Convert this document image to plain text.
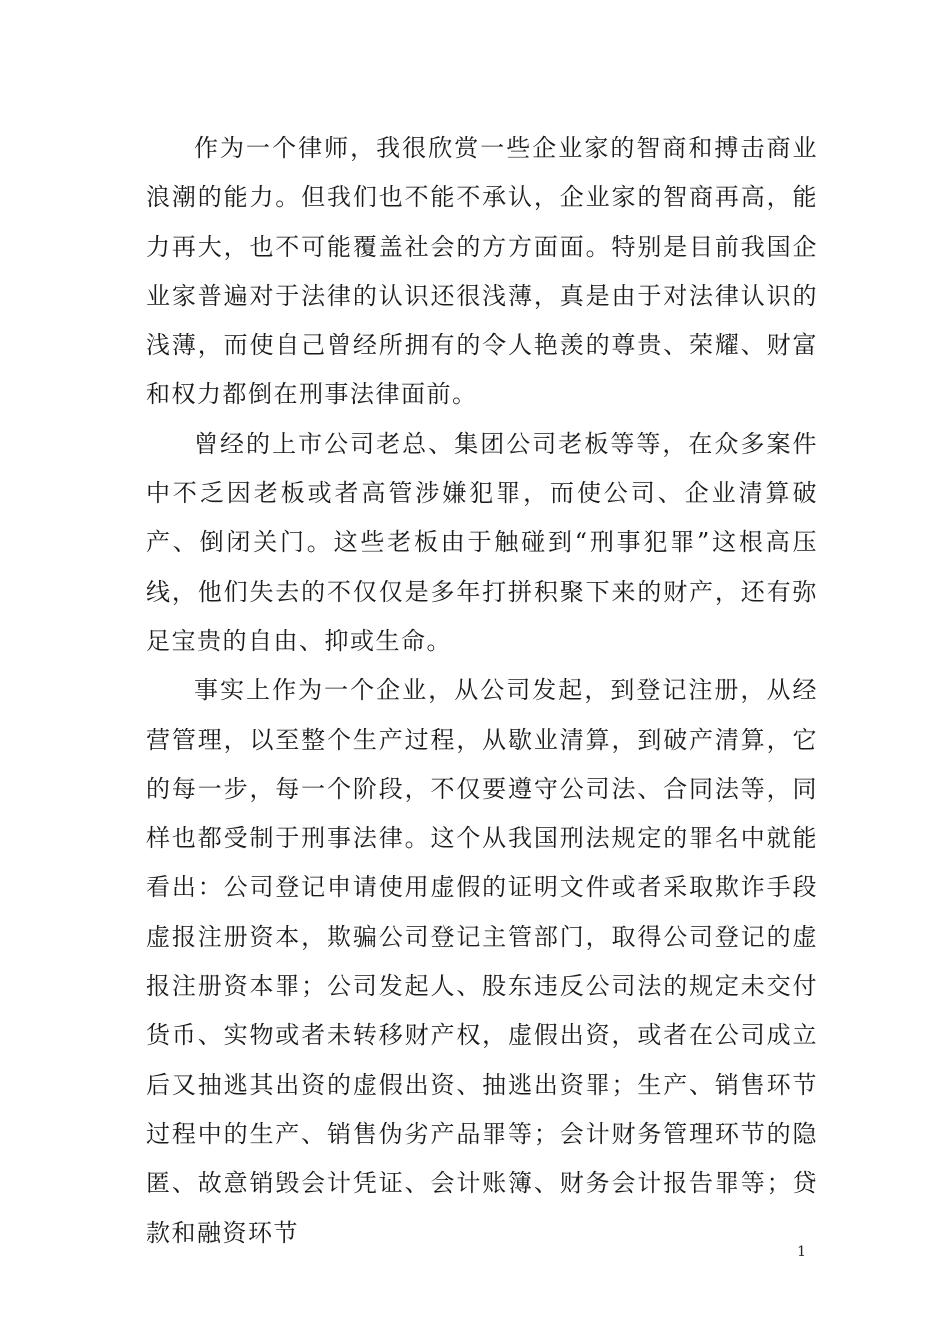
作为一个律师，我很欣赏一些企业家的智商和搏击商业浪潮的能力。但我们也不能不承认，企业家的智商再高，能力再大，也不可能覆盖社会的方方面面。特别是目前我国企业家普遍对于法律的认识还很浅薄，真是由于对法律认识的浅薄，而使自己曾经所拥有的令人艳羡的尊贵、荣耀、财富和权力都倒在刑事法律面前。

曾经的上市公司老总、集团公司老板等等，在众多案件中不乏因老板或者高管涉嫌犯罪，而使公司、企业清算破产、倒闭关门。这些老板由于触碰到“刑事犯罪”这根高压线，他们失去的不仅仅是多年打拼积聚下来的财产，还有弥足宝贵的自由、抑或生命。

事实上作为一个企业，从公司发起，到登记注册，从经营管理，以至整个生产过程，从歇业清算，到破产清算，它的每一步，每一个阶段，不仅要遵守公司法、合同法等，同样也都受制于刑事法律。这个从我国刑法规定的罪名中就能看出：公司登记申请使用虚假的证明文件或者采取欺诈手段虚报注册资本，欺骗公司登记主管部门，取得公司登记的虚报注册资本罪；公司发起人、股东违反公司法的规定未交付货币、实物或者未转移财产权，虚假出资，或者在公司成立后又抽逃其出资的虚假出资、抽逃出资罪；生产、销售环节过程中的生产、销售伪劣产品罪等；会计财务管理环节的隐匿、故意销毁会计凭证、会计账簿、财务会计报告罪等；贷款和融资环节

1
